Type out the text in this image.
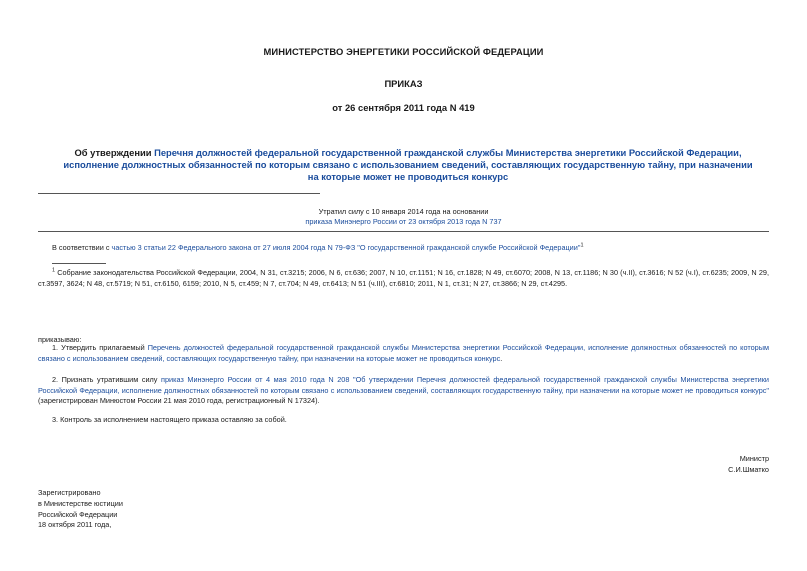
МИНИСТЕРСТВО ЭНЕРГЕТИКИ РОССИЙСКОЙ ФЕДЕРАЦИИ
ПРИКАЗ
от 26 сентября 2011 года N 419
Об утверждении Перечня должностей федеральной государственной гражданской службы Министерства энергетики Российской Федерации, исполнение должностных обязанностей по которым связано с использованием сведений, составляющих государственную тайну, при назначении на которые может не проводиться конкурс
Утратил силу с 10 января 2014 года на основании
приказа Минэнерго России от 23 октября 2013 года N 737
В соответствии с частью 3 статьи 22 Федерального закона от 27 июля 2004 года N 79-ФЗ "О государственной гражданской службе Российской Федерации"$^1$
$^1$ Собрание законодательства Российской Федерации, 2004, N 31, ст.3215; 2006, N 6, ст.636; 2007, N 10, ст.1151; N 16, ст.1828; N 49, ст.6070; 2008, N 13, ст.1186; N 30 (ч.II), ст.3616; N 52 (ч.I), ст.6235; 2009, N 29, ст.3597, 3624; N 48, ст.5719; N 51, ст.6150, 6159; 2010, N 5, ст.459; N 7, ст.704; N 49, ст.6413; N 51 (ч.III), ст.6810; 2011, N 1, ст.31; N 27, ст.3866; N 29, ст.4295.
приказываю:
1. Утвердить прилагаемый Перечень должностей федеральной государственной гражданской службы Министерства энергетики Российской Федерации, исполнение должностных обязанностей по которым связано с использованием сведений, составляющих государственную тайну, при назначении на которые может не проводиться конкурс.
2. Признать утратившим силу приказ Минэнерго России от 4 мая 2010 года N 208 "Об утверждении Перечня должностей федеральной государственной гражданской службы Министерства энергетики Российской Федерации, исполнение должностных обязанностей по которым связано с использованием сведений, составляющих государственную тайну, при назначении на которые может не проводиться конкурс" (зарегистрирован Минюстом России 21 мая 2010 года, регистрационный N 17324).
3. Контроль за исполнением настоящего приказа оставляю за собой.
Министр
С.И.Шматко
Зарегистрировано
в Министерстве юстиции
Российской Федерации
18 октября 2011 года,
